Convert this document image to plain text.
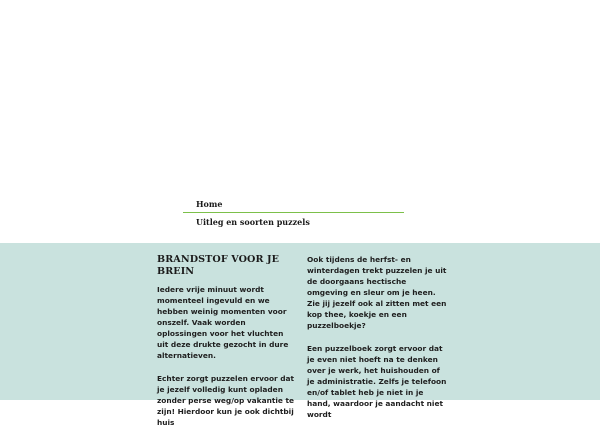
Home
Uitleg en soorten puzzels
BRANDSTOF VOOR JE BREIN

Iedere vrije minuut wordt momenteel ingevuld en we hebben weinig momenten voor onszelf. Vaak worden oplossingen voor het vluchten uit deze drukte gezocht in dure alternatieven.

Echter zorgt puzzelen ervoor dat je jezelf volledig kunt opladen zonder perse weg/op vakantie te zijn! Hierdoor kun je ook dichtbij huis

Ook tijdens de herfst- en winterdagen trekt puzzelen je uit de doorgaans hectische omgeving en sleur om je heen. Zie jij jezelf ook al zitten met een kop thee, koekje en een puzzelboekje?

Een puzzelboek zorgt ervoor dat je even niet hoeft na te denken over je werk, het huishouden of je administratie. Zelfs je telefoon en/of tablet heb je niet in je hand, waardoor je aandacht niet wordt
